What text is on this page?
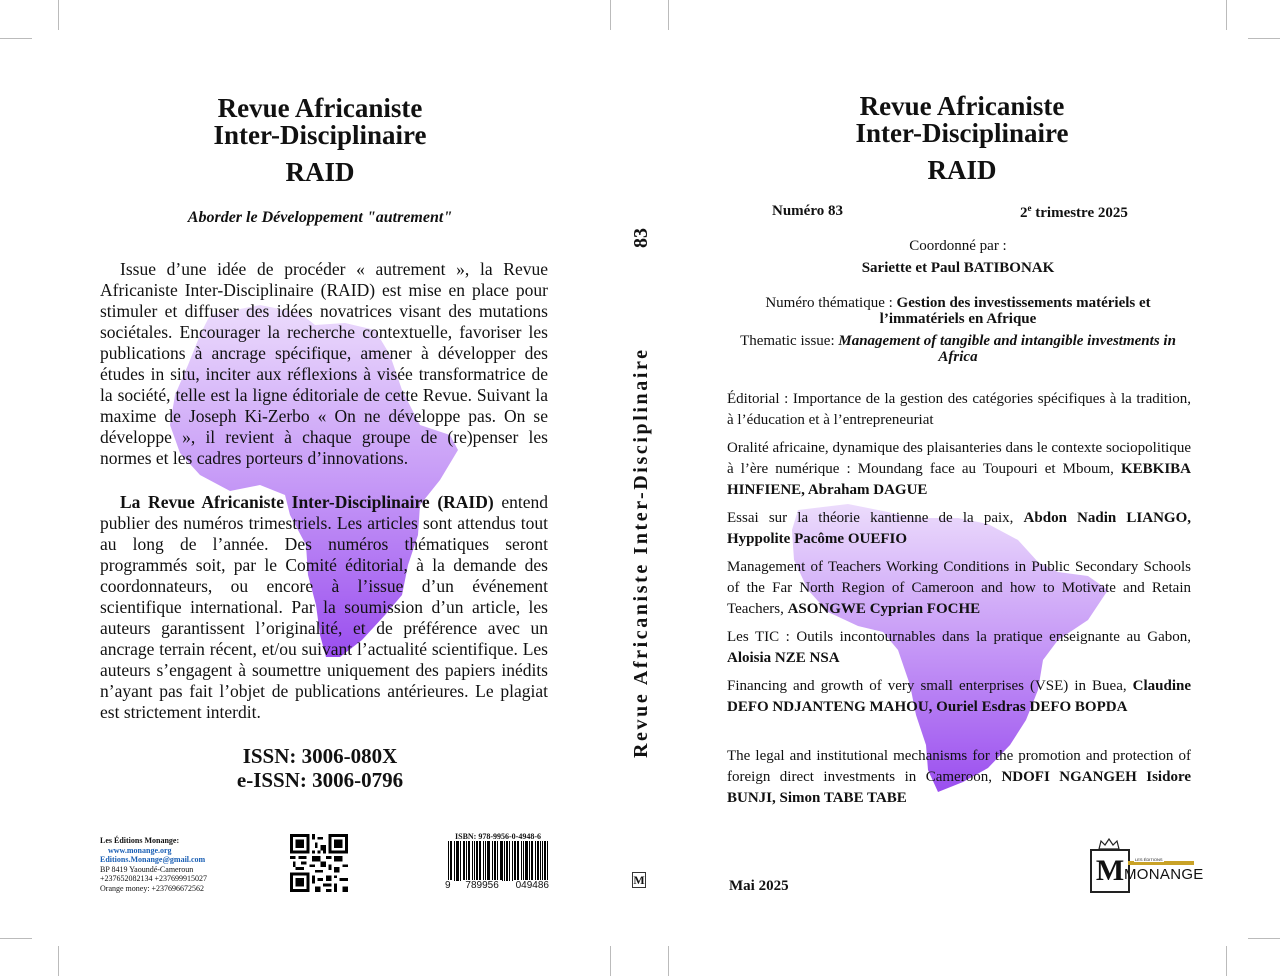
Revue Africaniste
Inter-Disciplinaire
RAID
Aborder le Développement "autrement"
Issue d’une idée de procéder « autrement », la Revue Africaniste Inter-Disciplinaire (RAID) est mise en place pour stimuler et diffuser des idées novatrices visant des mutations sociétales. Encourager la recherche contextuelle, favoriser les publications à ancrage spécifique, amener à développer des études in situ, inciter aux réflexions à visée transformatrice de la société, telle est la ligne éditoriale de cette Revue. Suivant la maxime de Joseph Ki-Zerbo « On ne développe pas. On se développe », il revient à chaque groupe de (re)penser les normes et les cadres porteurs d’innovations.
La Revue Africaniste Inter-Disciplinaire (RAID) entend publier des numéros trimestriels. Les articles sont attendus tout au long de l’année. Des numéros thématiques seront programmés soit, par le Comité éditorial, à la demande des coordonnateurs, ou encore à l’issue d’un événement scientifique international. Par la soumission d’un article, les auteurs garantissent l’originalité, et de préférence avec un ancrage terrain récent, et/ou suivant l’actualité scientifique. Les auteurs s’engagent à soumettre uniquement des papiers inédits n’ayant pas fait l’objet de publications antérieures. Le plagiat est strictement interdit.
ISSN: 3006-080X
e-ISSN: 3006-0796
Les Éditions Monange:
www.monange.org
Editions.Monange@gmail.com
BP 8419 Yaoundé-Cameroun
+237652082134 +237699915027
Orange money: +237696672562
ISBN: 978-9956-0-4948-6
9	789956	049486
83
Revue Africaniste Inter-Disciplinaire
M
Revue Africaniste
Inter-Disciplinaire
RAID
Numéro 83	2e trimestre 2025
Coordonné par :
Sariette et Paul BATIBONAK
Numéro thématique : Gestion des investissements matériels et l’immatériels en Afrique
Thematic issue: Management of tangible and intangible investments in Africa
Éditorial : Importance de la gestion des catégories spécifiques à la tradition, à l’éducation et à l’entrepreneuriat
Oralité africaine, dynamique des plaisanteries dans le contexte sociopolitique à l’ère numérique : Moundang face au Toupouri et Mboum, KEBKIBA HINFIENE, Abraham DAGUE
Essai sur la théorie kantienne de la paix, Abdon Nadin LIANGO, Hyppolite Pacôme OUEFIO
Management of Teachers Working Conditions in Public Secondary Schools of the Far North Region of Cameroon and how to Motivate and Retain Teachers, ASONGWE Cyprian FOCHE
Les TIC : Outils incontournables dans la pratique enseignante au Gabon, Aloisia NZE NSA
Financing and growth of very small enterprises (VSE) in Buea, Claudine DEFO NDJANTENG MAHOU, Ouriel Esdras DEFO BOPDA
The legal and institutional mechanisms for the promotion and protection of foreign direct investments in Cameroon, NDOFI NGANGEH Isidore BUNJI, Simon TABE TABE
Mai 2025	M	LES ÉDITIONS
MONANGE
